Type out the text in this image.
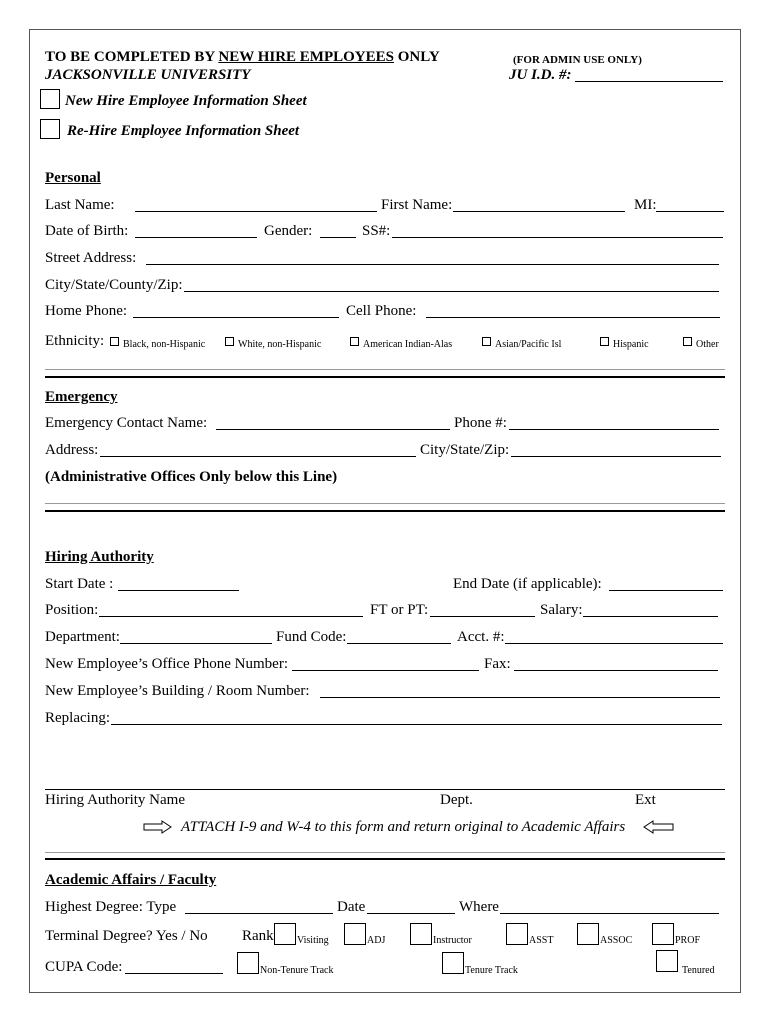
TO BE COMPLETED BY NEW HIRE EMPLOYEES ONLY
JACKSONVILLE UNIVERSITY
(FOR ADMIN USE ONLY)
JU I.D. #:
New Hire Employee Information Sheet
Re-Hire Employee Information Sheet
Personal
Last Name:	First Name:	MI:
Date of Birth:	Gender:	SS#:
Street Address:
City/State/County/Zip:
Home Phone:	Cell Phone:
Ethnicity: Black, non-Hispanic	White, non-Hispanic	American Indian-Alas	Asian/Pacific Isl	Hispanic	Other
Emergency
Emergency Contact Name:	Phone #:
Address:	City/State/Zip:
(Administrative Offices Only below this Line)
Hiring Authority
Start Date :	End Date (if applicable):
Position:	FT or PT:	Salary:
Department:	Fund Code:	Acct. #:
New Employee’s Office Phone Number:	Fax:
New Employee’s Building / Room Number:
Replacing:
Hiring Authority Name	Dept.	Ext
ATTACH I-9 and W-4 to this form and return original to Academic Affairs
Academic Affairs / Faculty
Highest Degree: Type	Date	Where
Terminal Degree? Yes / No Rank Visiting	ADJ	Instructor	ASST	ASSOC	PROF
CUPA Code:	Non-Tenure Track	Tenure Track	Tenured
